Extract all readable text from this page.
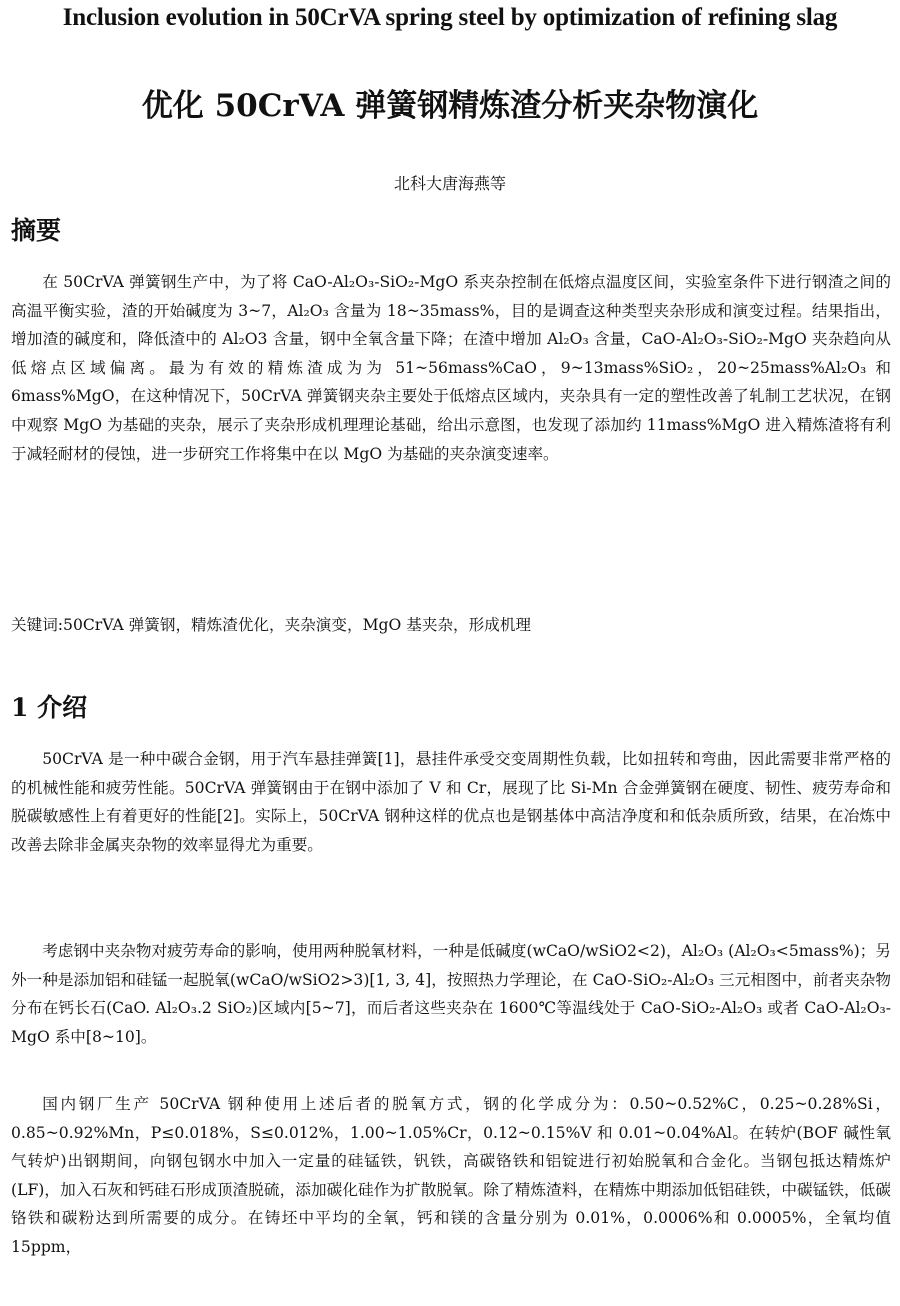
Inclusion evolution in 50CrVA spring steel by optimization of refining slag
优化 50CrVA 弹簧钢精炼渣分析夹杂物演化
北科大唐海燕等
摘要

在 50CrVA 弹簧钢生产中，为了将 CaO-Al₂O₃-SiO₂-MgO 系夹杂控制在低熔点温度区间，实验室条件下进行钢渣之间的高温平衡实验，渣的开始碱度为 3~7，Al₂O₃ 含量为 18~35mass%，目的是调查这种类型夹杂形成和演变过程。结果指出，增加渣的碱度和，降低渣中的 Al₂O3 含量，钢中全氧含量下降；在渣中增加 Al₂O₃ 含量，CaO-Al₂O₃-SiO₂-MgO 夹杂趋向从低熔点区域偏离。最为有效的精炼渣成为为 51~56mass%CaO，9~13mass%SiO₂，20~25mass%Al₂O₃ 和 6mass%MgO，在这种情况下，50CrVA 弹簧钢夹杂主要处于低熔点区域内，夹杂具有一定的塑性改善了轧制工艺状况，在钢中观察 MgO 为基础的夹杂，展示了夹杂形成机理理论基础，给出示意图，也发现了添加约 11mass%MgO 进入精炼渣将有利于减轻耐材的侵蚀，进一步研究工作将集中在以 MgO 为基础的夹杂演变速率。

关键词:50CrVA 弹簧钢，精炼渣优化，夹杂演变，MgO 基夹杂，形成机理

1 介绍

50CrVA 是一种中碳合金钢，用于汽车悬挂弹簧[1]，悬挂件承受交变周期性负载，比如扭转和弯曲，因此需要非常严格的的机械性能和疲劳性能。50CrVA 弹簧钢由于在钢中添加了 V 和 Cr，展现了比 Si-Mn 合金弹簧钢在硬度、韧性、疲劳寿命和脱碳敏感性上有着更好的性能[2]。实际上，50CrVA 钢种这样的优点也是钢基体中高洁净度和和低杂质所致，结果，在冶炼中改善去除非金属夹杂物的效率显得尤为重要。

考虑钢中夹杂物对疲劳寿命的影响，使用两种脱氧材料，一种是低碱度(wCaO/wSiO2<2)，Al₂O₃ (Al₂O₃<5mass%)；另外一种是添加铝和硅锰一起脱氧(wCaO/wSiO2>3)[1, 3, 4]，按照热力学理论，在 CaO-SiO₂-Al₂O₃ 三元相图中，前者夹杂物分布在钙长石(CaO. Al₂O₃.2 SiO₂)区域内[5~7]，而后者这些夹杂在 1600℃等温线处于 CaO-SiO₂-Al₂O₃ 或者 CaO-Al₂O₃-MgO 系中[8~10]。

国内钢厂生产 50CrVA 钢种使用上述后者的脱氧方式，钢的化学成分为：0.50~0.52%C，0.25~0.28%Si，0.85~0.92%Mn，P≤0.018%，S≤0.012%，1.00~1.05%Cr，0.12~0.15%V 和 0.01~0.04%Al。在转炉(BOF 碱性氧气转炉)出钢期间，向钢包钢水中加入一定量的硅锰铁，钒铁，高碳铬铁和铝锭进行初始脱氧和合金化。当钢包抵达精炼炉(LF)，加入石灰和钙硅石形成顶渣脱硫，添加碳化硅作为扩散脱氧。除了精炼渣料，在精炼中期添加低铝硅铁，中碳锰铁，低碳铬铁和碳粉达到所需要的成分。在铸坯中平均的全氧，钙和镁的含量分别为 0.01%，0.0006%和 0.0005%，全氧均值 15ppm，
